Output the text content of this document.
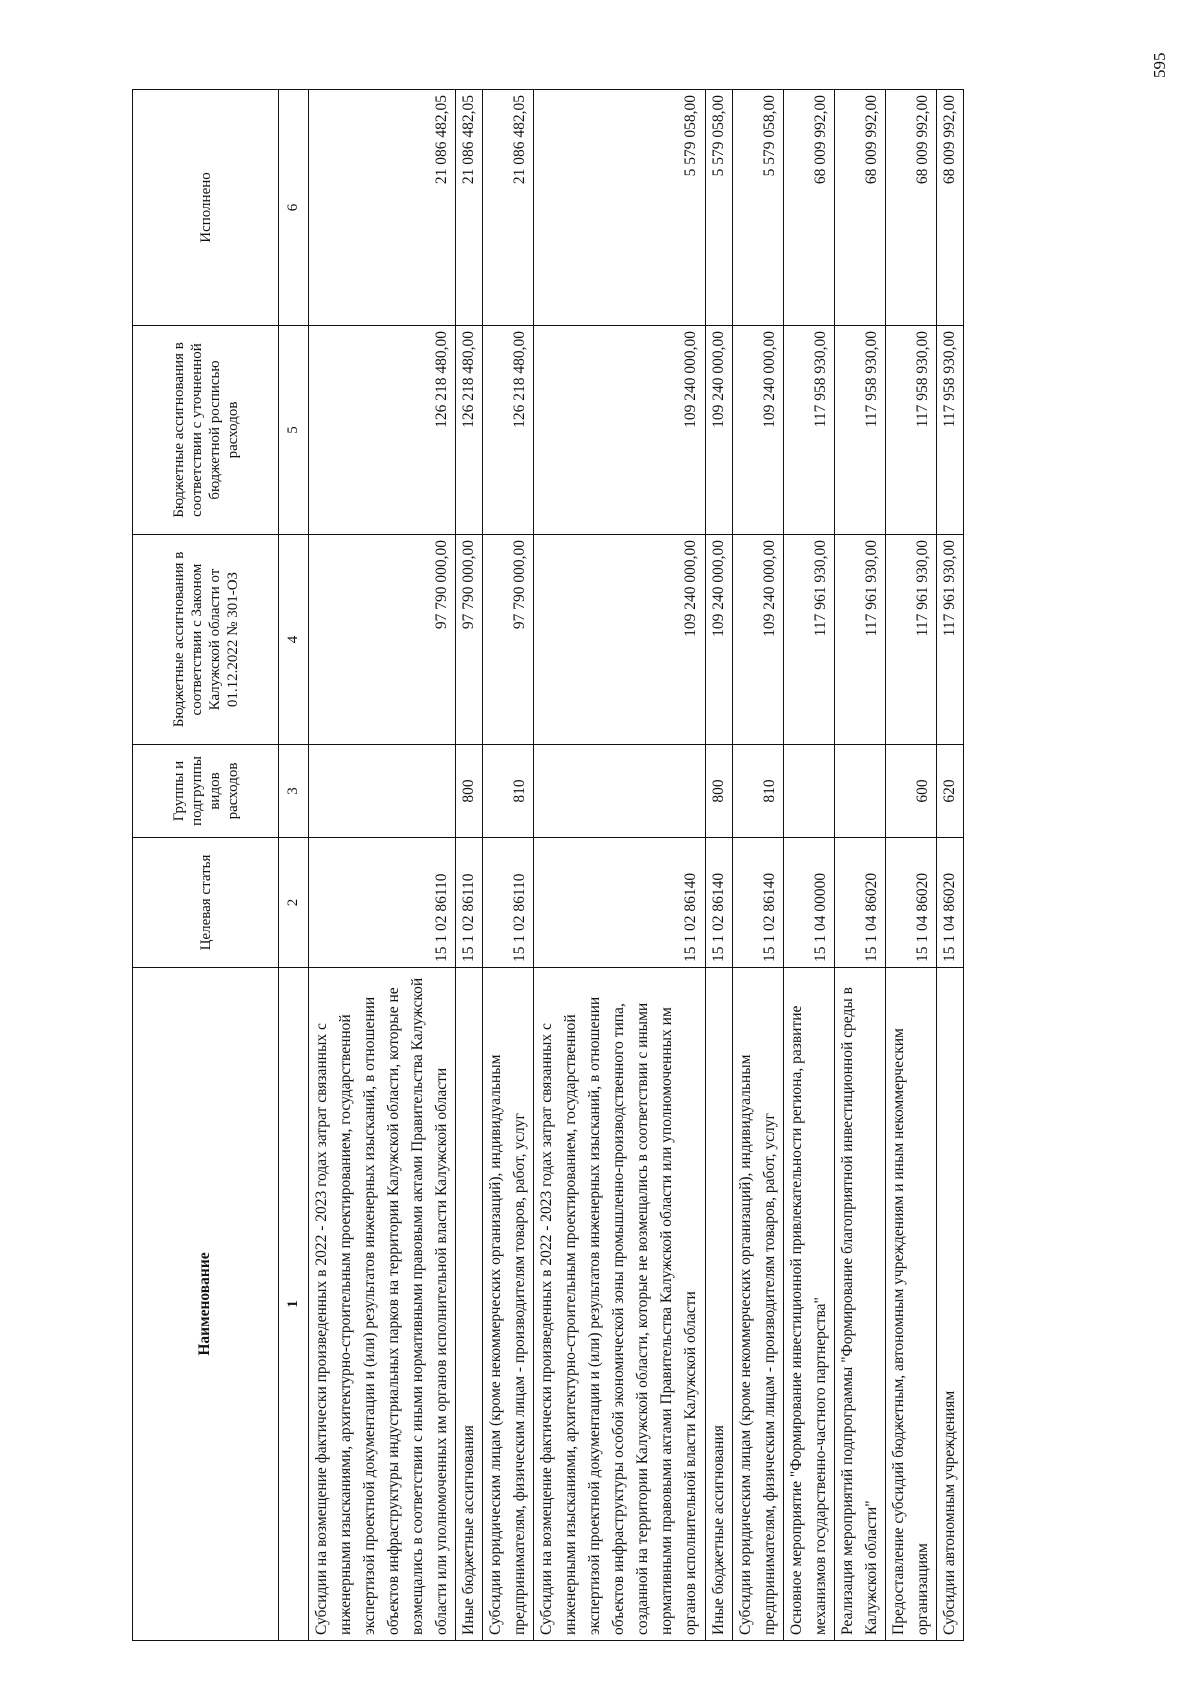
595
Наименование	Целевая статья	Группы и подгруппы видов расходов	Бюджетные ассигнования в соответствии с Законом Калужской области от 01.12.2022 № 301-ОЗ	Бюджетные ассигнования в соответствии с уточненной бюджетной росписью расходов	Исполнено
1	2	3	4	5	6
Субсидии на возмещение фактически произведенных в 2022 - 2023 годах затрат связанных с инженерными изысканиями, архитектурно-строительным проектированием, государственной экспертизой проектной документации и (или) результатов инженерных изысканий, в отношении объектов инфраструктуры индустриальных парков на территории Калужской области, которые не возмещались в соответствии с иными нормативными правовыми актами Правительства Калужской области или уполномоченных им органов исполнительной власти Калужской области	15 1 02 86110		97 790 000,00	126 218 480,00	21 086 482,05
Иные бюджетные ассигнования	15 1 02 86110	800	97 790 000,00	126 218 480,00	21 086 482,05
Субсидии юридическим лицам (кроме некоммерческих организаций), индивидуальным предпринимателям, физическим лицам - производителям товаров, работ, услуг	15 1 02 86110	810	97 790 000,00	126 218 480,00	21 086 482,05
Субсидии на возмещение фактически произведенных в 2022 - 2023 годах затрат связанных с инженерными изысканиями, архитектурно-строительным проектированием, государственной экспертизой проектной документации и (или) результатов инженерных изысканий, в отношении объектов инфраструктуры особой экономической зоны промышленно-производственного типа, созданной на территории Калужской области, которые не возмещались в соответствии с иными нормативными правовыми актами Правительства Калужской области или уполномоченных им органов исполнительной власти Калужской области	15 1 02 86140		109 240 000,00	109 240 000,00	5 579 058,00
Иные бюджетные ассигнования	15 1 02 86140	800	109 240 000,00	109 240 000,00	5 579 058,00
Субсидии юридическим лицам (кроме некоммерческих организаций), индивидуальным предпринимателям, физическим лицам - производителям товаров, работ, услуг	15 1 02 86140	810	109 240 000,00	109 240 000,00	5 579 058,00
Основное мероприятие "Формирование инвестиционной привлекательности региона, развитие механизмов государственно-частного партнерства"	15 1 04 00000		117 961 930,00	117 958 930,00	68 009 992,00
Реализация мероприятий подпрограммы "Формирование благоприятной инвестиционной среды в Калужской области"	15 1 04 86020		117 961 930,00	117 958 930,00	68 009 992,00
Предоставление субсидий бюджетным, автономным учреждениям и иным некоммерческим организациям	15 1 04 86020	600	117 961 930,00	117 958 930,00	68 009 992,00
Субсидии автономным учреждениям	15 1 04 86020	620	117 961 930,00	117 958 930,00	68 009 992,00
